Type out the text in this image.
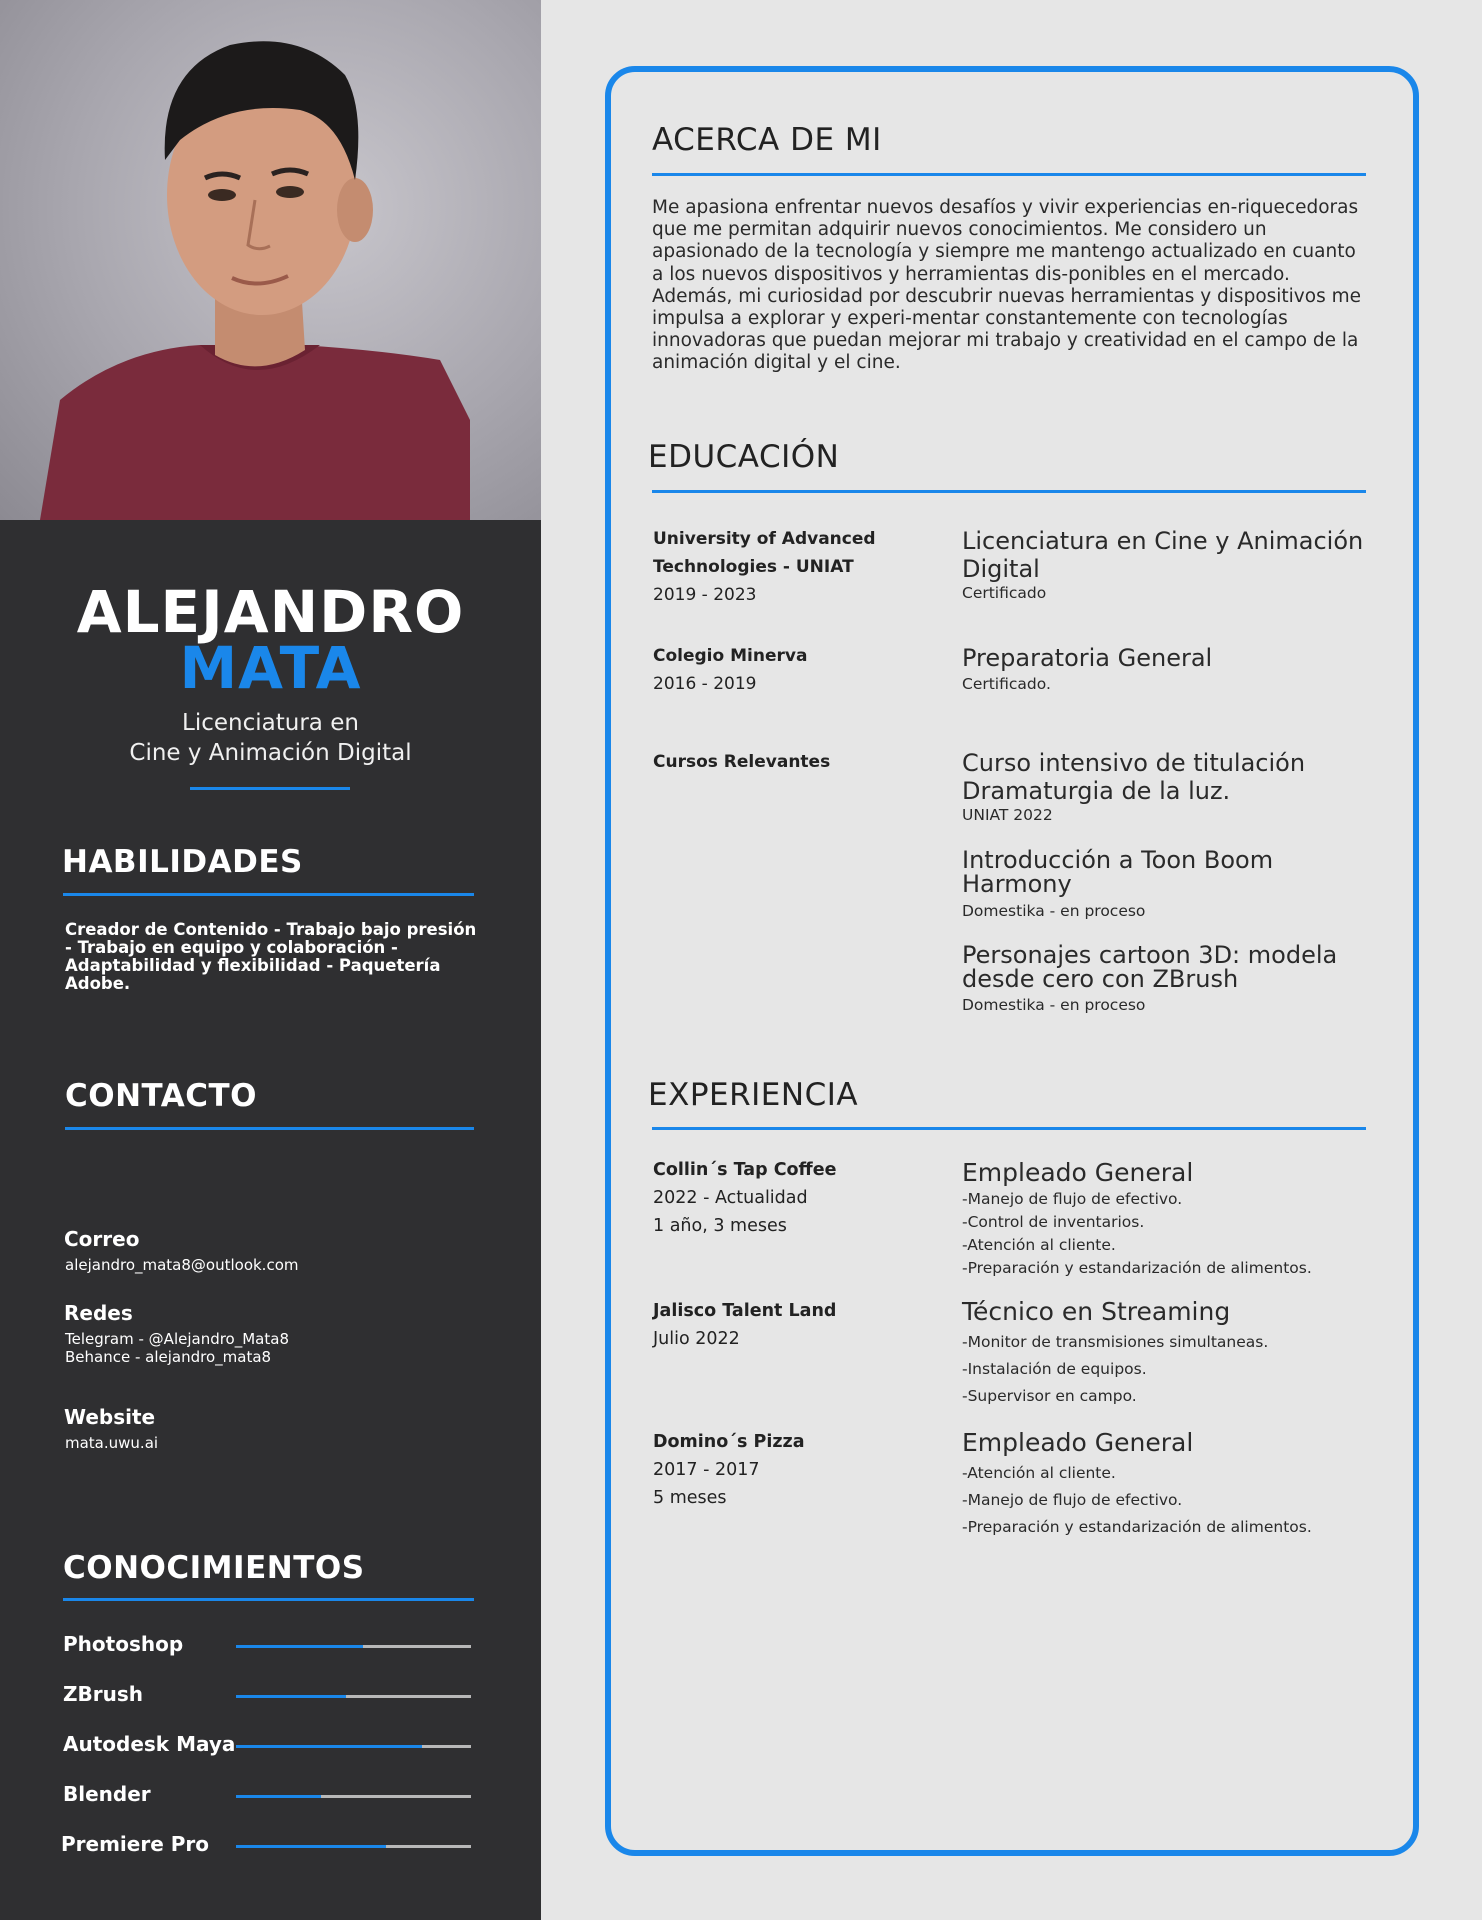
ALEJANDRO
MATA
Licenciatura en
Cine y Animación Digital
HABILIDADES
Creador de Contenido - Trabajo bajo presión - Trabajo en equipo y colaboración - Adaptabilidad y flexibilidad - Paquetería Adobe.
CONTACTO
Correo
alejandro_mata8@outlook.com
Redes
Telegram - @Alejandro_Mata8
Behance - alejandro_mata8
Website
mata.uwu.ai
CONOCIMIENTOS
Photoshop
ZBrush
Autodesk Maya
Blender
Premiere Pro
ACERCA DE MI
Me apasiona enfrentar nuevos desafíos y vivir experiencias en-riquecedoras que me permitan adquirir nuevos conocimientos. Me considero un apasionado de la tecnología y siempre me mantengo actualizado en cuanto a los nuevos dispositivos y herramientas dis-ponibles en el mercado. Además, mi curiosidad por descubrir nuevas herramientas y dispositivos me impulsa a explorar y experi-mentar constantemente con tecnologías innovadoras que puedan mejorar mi trabajo y creatividad en el campo de la animación digital y el cine.
EDUCACIÓN
University of Advanced
Technologies - UNIAT
2019 - 2023
Licenciatura en Cine y Animación Digital
Certificado
Colegio Minerva
2016 - 2019
Preparatoria General
Certificado.
Cursos Relevantes	Curso intensivo de titulación Dramaturgia de la luz.
UNIAT 2022
Introducción a Toon Boom Harmony
Domestika - en proceso
Personajes cartoon 3D: modela desde cero con ZBrush
Domestika - en proceso
EXPERIENCIA
Collin´s Tap Coffee
2022 - Actualidad
1 año, 3 meses
Empleado General
-Manejo de flujo de efectivo.
-Control de inventarios.
-Atención al cliente.
-Preparación y estandarización de alimentos.
Jalisco Talent Land
Julio 2022
Técnico en Streaming
-Monitor de transmisiones simultaneas.
-Instalación de equipos.
-Supervisor en campo.
Domino´s Pizza
2017 - 2017
5 meses
Empleado General
-Atención al cliente.
-Manejo de flujo de efectivo.
-Preparación y estandarización de alimentos.
